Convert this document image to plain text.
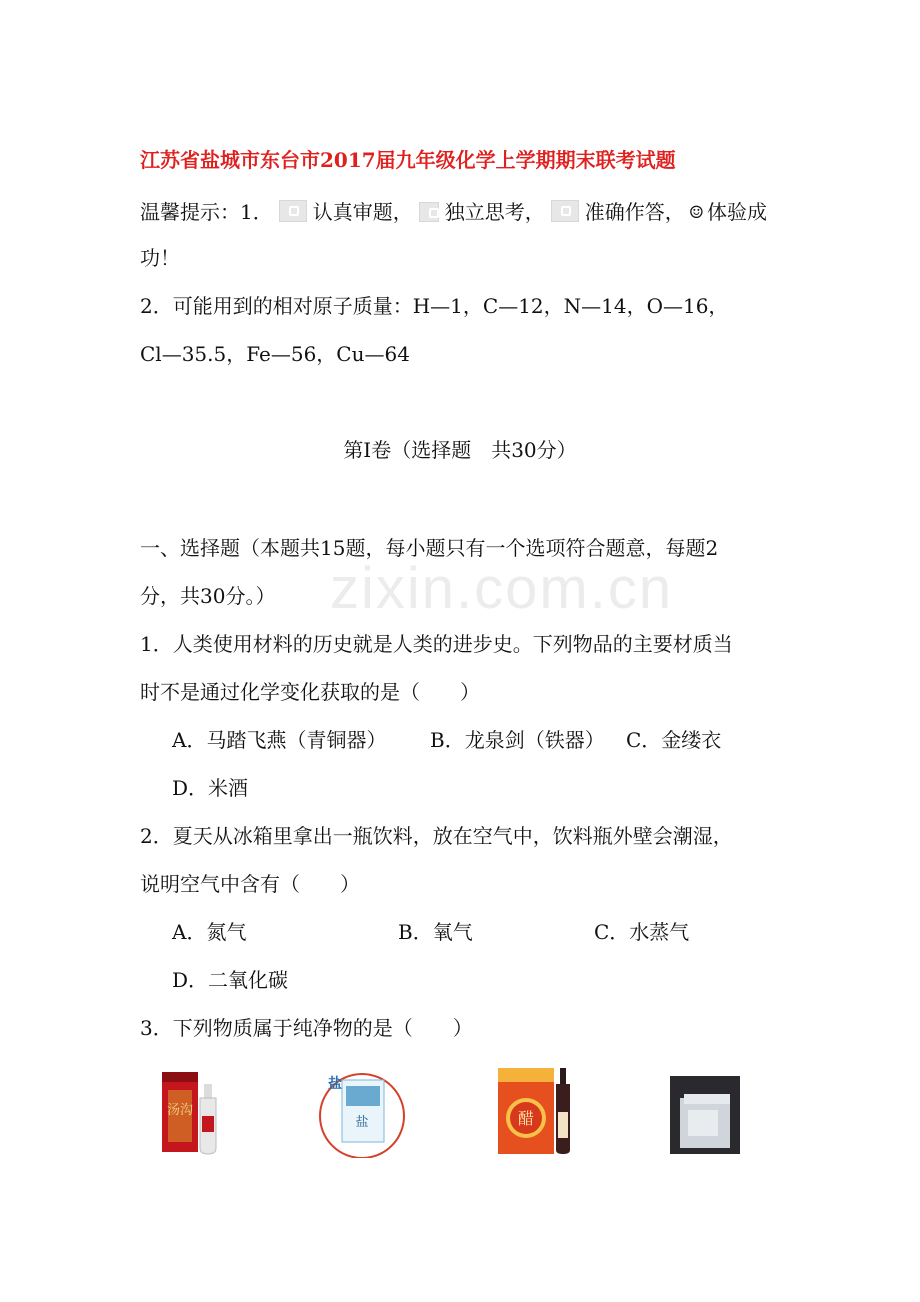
zixin.com.cn
江苏省盐城市东台市2017届九年级化学上学期期末联考试题
温馨提示：1． 认真审题， 独立思考， 准确作答， ☺ 体验成
功！
2．可能用到的相对原子质量：H—1，C—12，N—14，O—16，
Cl—35.5，Fe—56，Cu—64
第I卷（选择题　共30分）
一、选择题（本题共15题，每小题只有一个选项符合题意，每题2
分，共30分。）
1．人类使用材料的历史就是人类的进步史。下列物品的主要材质当
时不是通过化学变化获取的是（　　）
A．马踏飞燕（青铜器） B．龙泉剑（铁器） C．金缕衣
D．米酒
2．夏天从冰箱里拿出一瓶饮料，放在空气中，饮料瓶外壁会潮湿，
说明空气中含有（　　）
A．氮气	B．氧气	C．水蒸气
D．二氧化碳
3．下列物质属于纯净物的是（　　）
汤沟
盐
盐
醋
